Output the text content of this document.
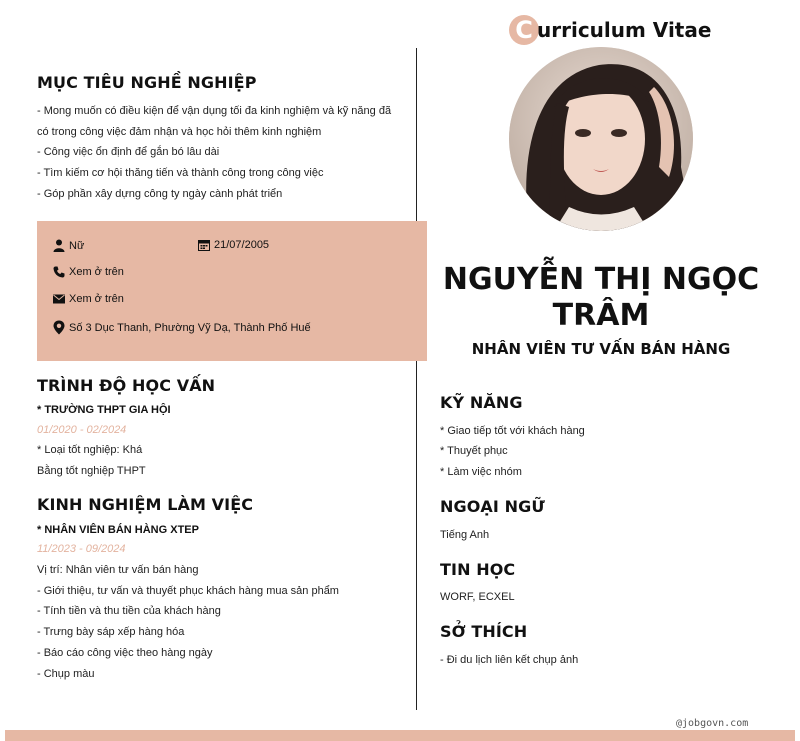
C urriculum Vitae
NGUYỄN THỊ NGỌC TRÂM
NHÂN VIÊN TƯ VẤN BÁN HÀNG
MỤC TIÊU NGHỀ NGHIỆP
- Mong muốn có điều kiện để vận dụng tối đa kinh nghiệm và kỹ năng đã
có trong công việc đảm nhận và học hỏi thêm kinh nghiệm
- Công việc ổn định để gắn bó lâu dài
- Tìm kiếm cơ hội thăng tiến và thành công trong công việc
- Góp phần xây dựng công ty ngày cành phát triển
Nữ	21/07/2005
Xem ở trên
Xem ở trên
Số 3 Dục Thanh, Phường Vỹ Dạ, Thành Phố Huế
TRÌNH ĐỘ HỌC VẤN
* TRƯỜNG THPT GIA HỘI
01/2020 - 02/2024
* Loại tốt nghiệp: Khá
Bằng tốt nghiệp THPT
KINH NGHIỆM LÀM VIỆC
* NHÂN VIÊN BÁN HÀNG XTEP
11/2023 - 09/2024
Vị trí: Nhân viên tư vấn bán hàng
- Giới thiệu, tư vấn và thuyết phục khách hàng mua sản phẩm
- Tính tiền và thu tiền của khách hàng
- Trưng bày sáp xếp hàng hóa
- Báo cáo công việc theo hàng ngày
- Chụp màu
KỸ NĂNG
* Giao tiếp tốt với khách hàng
* Thuyết phục
* Làm việc nhóm
NGOẠI NGỮ
Tiếng Anh
TIN HỌC
WORF, ECXEL
SỞ THÍCH
- Đi du lịch liên kết chụp ảnh
@jobgovn.com
